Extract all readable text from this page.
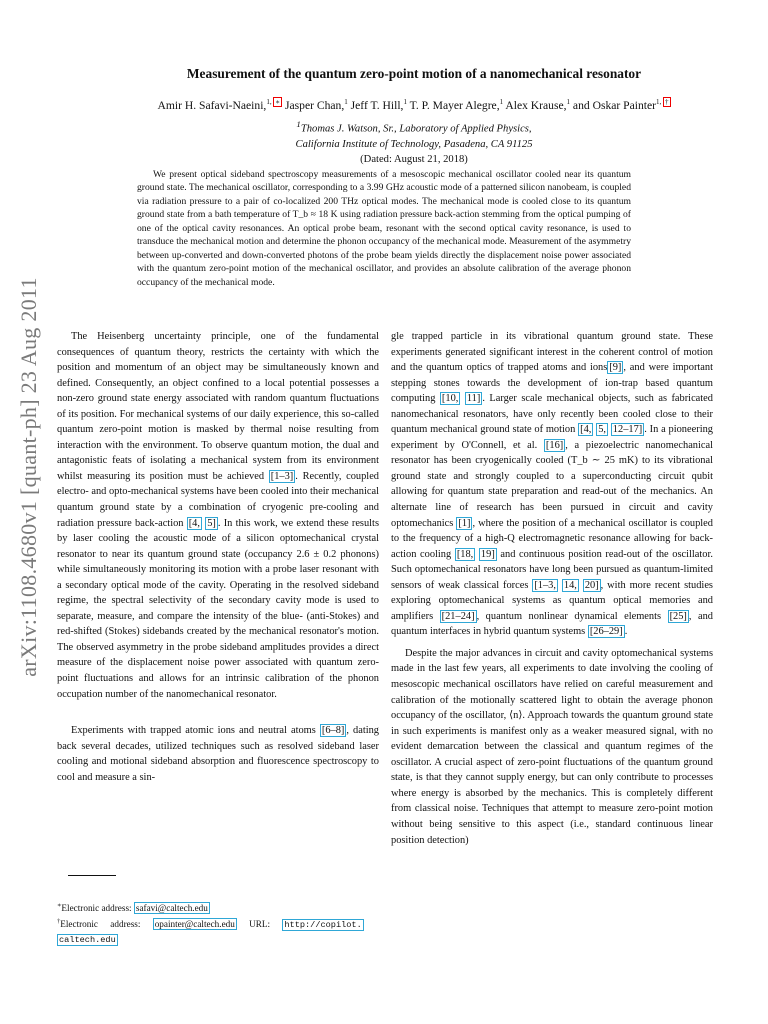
arXiv:1108.4680v1 [quant-ph] 23 Aug 2011
Measurement of the quantum zero-point motion of a nanomechanical resonator
Amir H. Safavi-Naeini,$^{1,}$ ∗ Jasper Chan,$^1$ Jeff T. Hill,$^1$ T. P. Mayer Alegre,$^1$ Alex Krause,$^1$ and Oskar Painter$^{1,}$ †
$^1$Thomas J. Watson, Sr., Laboratory of Applied Physics,
California Institute of Technology, Pasadena, CA 91125
(Dated: August 21, 2018)

We present optical sideband spectroscopy measurements of a mesoscopic mechanical oscillator cooled near its quantum ground state. The mechanical oscillator, corresponding to a 3.99 GHz acoustic mode of a patterned silicon nanobeam, is coupled via radiation pressure to a pair of co-localized 200 THz optical modes. The mechanical mode is cooled close to its quantum ground state from a bath temperature of T_b ≈ 18 K using radiation pressure back-action stemming from the optical pumping of one of the optical cavity resonances. An optical probe beam, resonant with the second optical cavity resonance, is used to transduce the mechanical motion and determine the phonon occupancy of the mechanical mode. Measurement of the asymmetry between up-converted and down-converted photons of the probe beam yields directly the displacement noise power associated with the quantum zero-point motion of the mechanical oscillator, and provides an absolute calibration of the average phonon occupancy of the mechanical mode.

The Heisenberg uncertainty principle, one of the fundamental consequences of quantum theory, restricts the certainty with which the position and momentum of an object may be simultaneously known and defined. Consequently, an object confined to a local potential possesses a non-zero ground state energy associated with random quantum fluctuations of its position. For mechanical systems of our daily experience, this so-called quantum zero-point motion is masked by thermal noise resulting from interaction with the environment. To observe quantum motion, the dual and antagonistic feats of isolating a mechanical system from its environment whilst measuring its position must be achieved [1–3] . Recently, coupled electro- and opto-mechanical systems have been cooled into their mechanical quantum ground state by a combination of cryogenic pre-cooling and radiation pressure back-action [4, 5] . In this work, we extend these results by laser cooling the acoustic mode of a silicon optomechanical crystal resonator to near its quantum ground state (occupancy 2.6 ± 0.2 phonons) while simultaneously monitoring its motion with a probe laser resonant with a secondary optical mode of the cavity. Operating in the resolved sideband regime, the spectral selectivity of the secondary cavity mode is used to separate, measure, and compare the intensity of the blue- (anti-Stokes) and red-shifted (Stokes) sidebands created by the mechanical resonator's motion. The observed asymmetry in the probe sideband amplitudes provides a direct measure of the displacement noise power associated with quantum zero-point fluctuations and allows for an intrinsic calibration of the phonon occupation number of the nanomechanical resonator.

Experiments with trapped atomic ions and neutral atoms [6–8] , dating back several decades, utilized techniques such as resolved sideband laser cooling and motional sideband absorption and fluorescence spectroscopy to cool and measure a sin-

gle trapped particle in its vibrational quantum ground state. These experiments generated significant interest in the coherent control of motion and the quantum optics of trapped atoms and ions [9] , and were important stepping stones towards the development of ion-trap based quantum computing [10, 11] . Larger scale mechanical objects, such as fabricated nanomechanical resonators, have only recently been cooled close to their quantum mechanical ground state of motion [4, 5, 12–17] . In a pioneering experiment by O'Connell, et al. [16] , a piezoelectric nanomechanical resonator has been cryogenically cooled (T_b ∼ 25 mK) to its vibrational ground state and strongly coupled to a superconducting circuit qubit allowing for quantum state preparation and read-out of the mechanics. An alternate line of research has been pursued in circuit and cavity optomechanics [1] , where the position of a mechanical oscillator is coupled to the frequency of a high-Q electromagnetic resonance allowing for back-action cooling [18, 19] and continuous position read-out of the oscillator. Such optomechanical resonators have long been pursued as quantum-limited sensors of weak classical forces [1–3, 14, 20] , with more recent studies exploring optomechanical systems as quantum optical memories and amplifiers [21–24] , quantum nonlinear dynamical elements [25] , and quantum interfaces in hybrid quantum systems [26–29] .

Despite the major advances in circuit and cavity optomechanical systems made in the last few years, all experiments to date involving the cooling of mesoscopic mechanical oscillators have relied on careful measurement and calibration of the motionally scattered light to obtain the average phonon occupancy of the oscillator, ⟨n⟩. Approach towards the quantum ground state in such experiments is manifest only as a weaker measured signal, with no evident demarcation between the classical and quantum regimes of the oscillator. A crucial aspect of zero-point fluctuations of the quantum ground state, is that they cannot supply energy, but can only contribute to processes where energy is absorbed by the mechanics. This is completely different from classical noise. Techniques that attempt to measure zero-point motion without being sensitive to this aspect (i.e., standard continuous linear position detection)

∗Electronic address: safavi@caltech.edu
†Electronic address: opainter@caltech.edu URL: http://copilot.
caltech.edu
